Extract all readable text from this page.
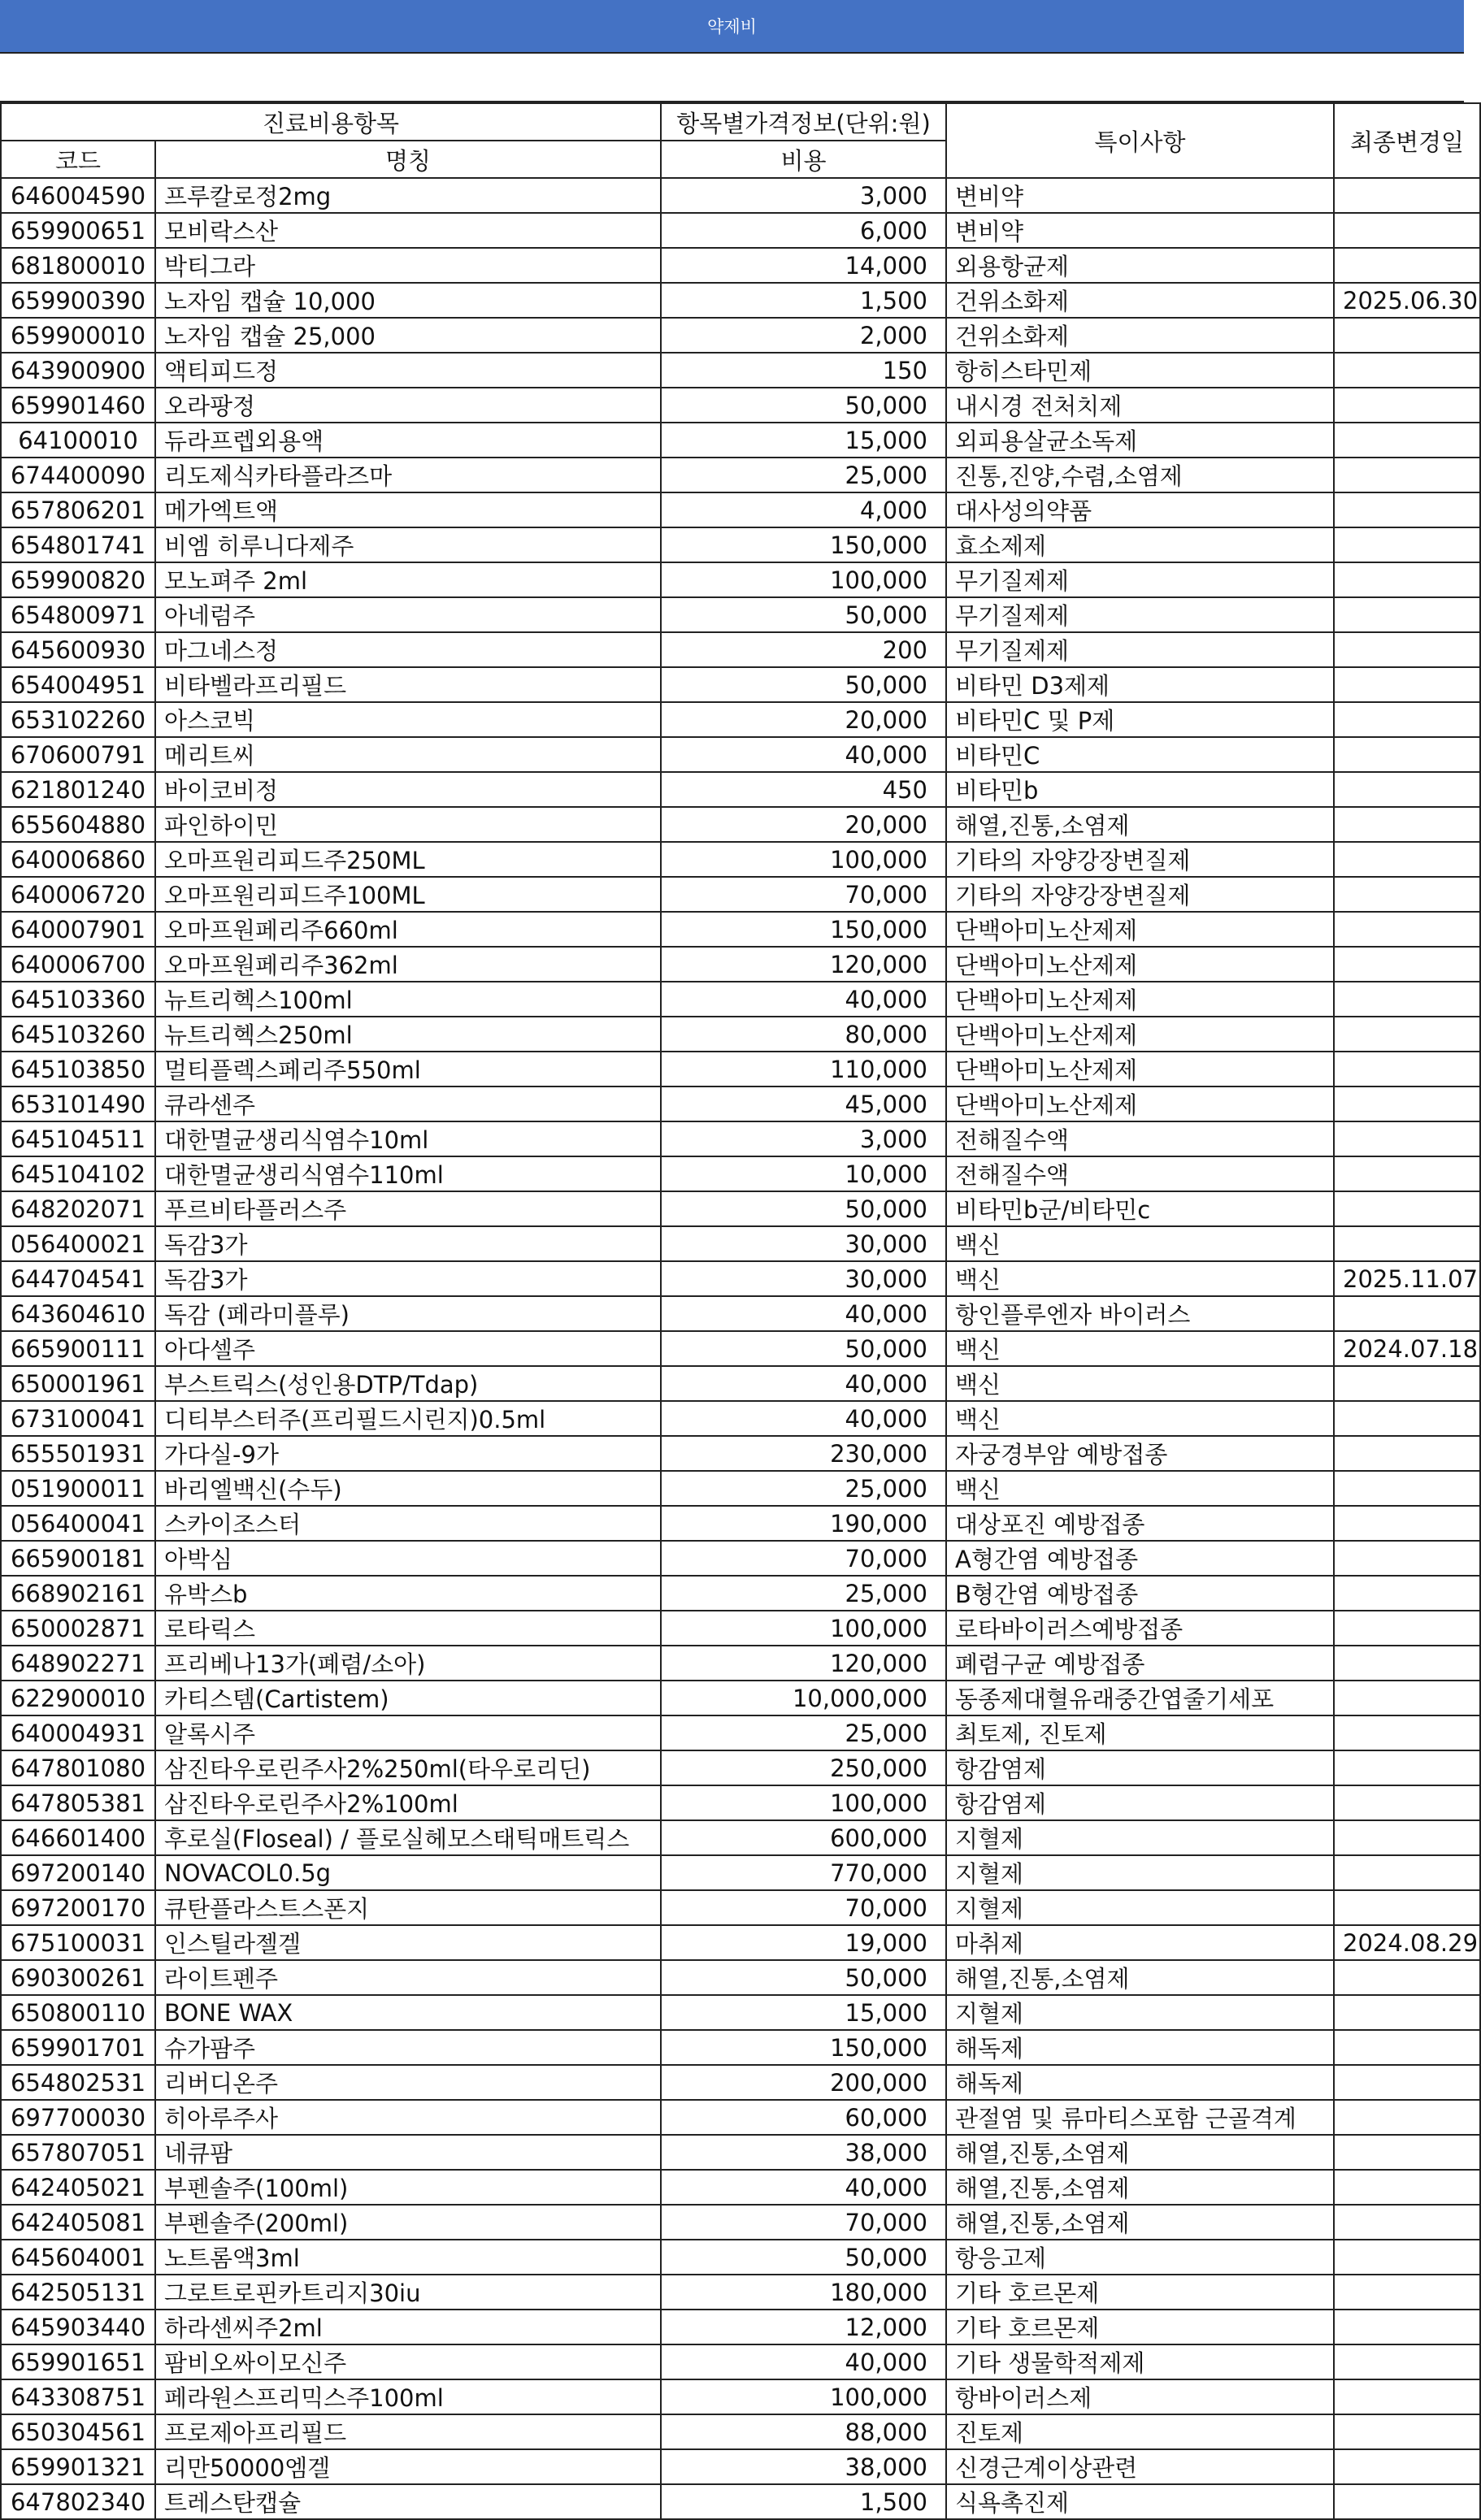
약제비
진료비용항목		항목별가격정보(단위:원)	특이사항	최종변경일
코드	명칭	비용		
646004590	프루칼로정2mg	3,000	변비약	
659900651	모비락스산	6,000	변비약	
681800010	박티그라	14,000	외용항균제	
659900390	노자임 캡슐 10,000	1,500	건위소화제	2025.06.30
659900010	노자임 캡슐 25,000	2,000	건위소화제	
643900900	액티피드정	150	항히스타민제	
659901460	오라팡정	50,000	내시경 전처치제	
64100010	듀라프렙외용액	15,000	외피용살균소독제	
674400090	리도제식카타플라즈마	25,000	진통,진양,수렴,소염제	
657806201	메가엑트액	4,000	대사성의약품	
654801741	비엠 히루니다제주	150,000	효소제제	
659900820	모노펴주 2ml	100,000	무기질제제	
654800971	아네럼주	50,000	무기질제제	
645600930	마그네스정	200	무기질제제	
654004951	비타벨라프리필드	50,000	비타민 D3제제	
653102260	아스코빅	20,000	비타민C 및 P제	
670600791	메리트씨	40,000	비타민C	
621801240	바이코비정	450	비타민b	
655604880	파인하이민	20,000	해열,진통,소염제	
640006860	오마프원리피드주250ML	100,000	기타의 자양강장변질제	
640006720	오마프원리피드주100ML	70,000	기타의 자양강장변질제	
640007901	오마프원페리주660ml	150,000	단백아미노산제제	
640006700	오마프원페리주362ml	120,000	단백아미노산제제	
645103360	뉴트리헥스100ml	40,000	단백아미노산제제	
645103260	뉴트리헥스250ml	80,000	단백아미노산제제	
645103850	멀티플렉스페리주550ml	110,000	단백아미노산제제	
653101490	큐라센주	45,000	단백아미노산제제	
645104511	대한멸균생리식염수10ml	3,000	전해질수액	
645104102	대한멸균생리식염수110ml	10,000	전해질수액	
648202071	푸르비타플러스주	50,000	비타민b군/비타민c	
056400021	독감3가	30,000	백신	
644704541	독감3가	30,000	백신	2025.11.07
643604610	독감 (페라미플루)	40,000	항인플루엔자 바이러스	
665900111	아다셀주	50,000	백신	2024.07.18
650001961	부스트릭스(성인용DTP/Tdap)	40,000	백신	
673100041	디티부스터주(프리필드시린지)0.5ml	40,000	백신	
655501931	가다실-9가	230,000	자궁경부암 예방접종	
051900011	바리엘백신(수두)	25,000	백신	
056400041	스카이조스터	190,000	대상포진 예방접종	
665900181	아박심	70,000	A형간염 예방접종	
668902161	유박스b	25,000	B형간염 예방접종	
650002871	로타릭스	100,000	로타바이러스예방접종	
648902271	프리베나13가(폐렴/소아)	120,000	폐렴구균 예방접종	
622900010	카티스템(Cartistem)	10,000,000	동종제대혈유래중간엽줄기세포	
640004931	알록시주	25,000	최토제, 진토제	
647801080	삼진타우로린주사2%250ml(타우로리딘)	250,000	항감염제	
647805381	삼진타우로린주사2%100ml	100,000	항감염제	
646601400	후로실(Floseal) / 플로실헤모스태틱매트릭스	600,000	지혈제	
697200140	NOVACOL0.5g	770,000	지혈제	
697200170	큐탄플라스트스폰지	70,000	지혈제	
675100031	인스틸라젤겔	19,000	마취제	2024.08.29
690300261	라이트펜주	50,000	해열,진통,소염제	
650800110	BONE WAX	15,000	지혈제	
659901701	슈가팜주	150,000	해독제	
654802531	리버디온주	200,000	해독제	
697700030	히아루주사	60,000	관절염 및 류마티스포함 근골격계	
657807051	네큐팜	38,000	해열,진통,소염제	
642405021	부펜솔주(100ml)	40,000	해열,진통,소염제	
642405081	부펜솔주(200ml)	70,000	해열,진통,소염제	
645604001	노트롬액3ml	50,000	항응고제	
642505131	그로트로핀카트리지30iu	180,000	기타 호르몬제	
645903440	하라센씨주2ml	12,000	기타 호르몬제	
659901651	팜비오싸이모신주	40,000	기타 생물학적제제	
643308751	페라원스프리믹스주100ml	100,000	항바이러스제	
650304561	프로제아프리필드	88,000	진토제	
659901321	리만50000엠겔	38,000	신경근계이상관련	
647802340	트레스탄캡슐	1,500	식욕촉진제	
